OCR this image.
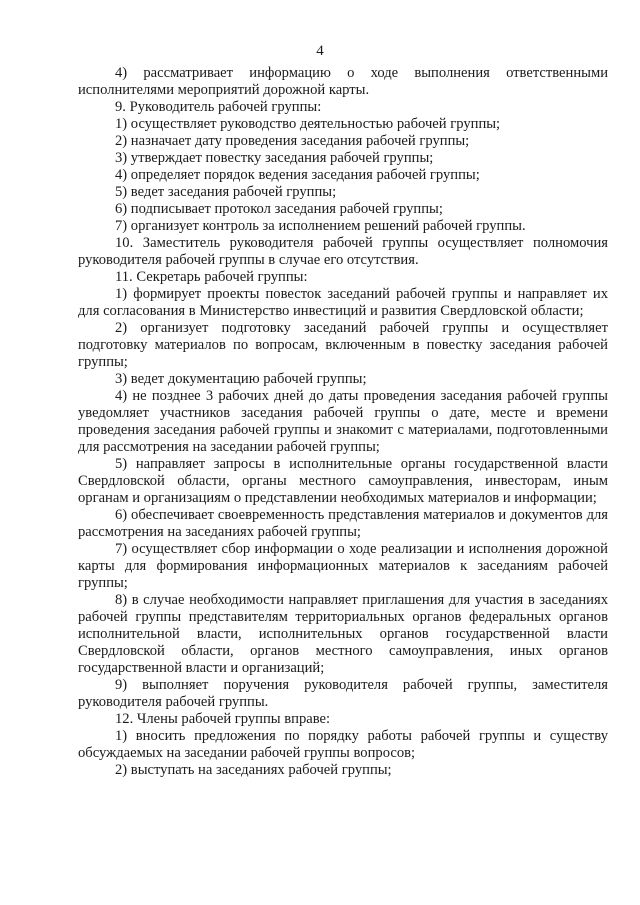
4

4) рассматривает информацию о ходе выполнения ответственными исполнителями мероприятий дорожной карты.

9. Руководитель рабочей группы:

1) осуществляет руководство деятельностью рабочей группы;

2) назначает дату проведения заседания рабочей группы;

3) утверждает повестку заседания рабочей группы;

4) определяет порядок ведения заседания рабочей группы;

5) ведет заседания рабочей группы;

6) подписывает протокол заседания рабочей группы;

7) организует контроль за исполнением решений рабочей группы.

10. Заместитель руководителя рабочей группы осуществляет полномочия руководителя рабочей группы в случае его отсутствия.

11. Секретарь рабочей группы:

1) формирует проекты повесток заседаний рабочей группы и направляет их для согласования в Министерство инвестиций и развития Свердловской области;

2) организует подготовку заседаний рабочей группы и осуществляет подготовку материалов по вопросам, включенным в повестку заседания рабочей группы;

3) ведет документацию рабочей группы;

4) не позднее 3 рабочих дней до даты проведения заседания рабочей группы уведомляет участников заседания рабочей группы о дате, месте и времени проведения заседания рабочей группы и знакомит с материалами, подготовленными для рассмотрения на заседании рабочей группы;

5) направляет запросы в исполнительные органы государственной власти Свердловской области, органы местного самоуправления, инвесторам, иным органам и организациям о представлении необходимых материалов и информации;

6) обеспечивает своевременность представления материалов и документов для рассмотрения на заседаниях рабочей группы;

7) осуществляет сбор информации о ходе реализации и исполнения дорожной карты для формирования информационных материалов к заседаниям рабочей группы;

8) в случае необходимости направляет приглашения для участия в заседаниях рабочей группы представителям территориальных органов федеральных органов исполнительной власти, исполнительных органов государственной власти Свердловской области, органов местного самоуправления, иных органов государственной власти и организаций;

9) выполняет поручения руководителя рабочей группы, заместителя руководителя рабочей группы.

12. Члены рабочей группы вправе:

1) вносить предложения по порядку работы рабочей группы и существу обсуждаемых на заседании рабочей группы вопросов;

2) выступать на заседаниях рабочей группы;
